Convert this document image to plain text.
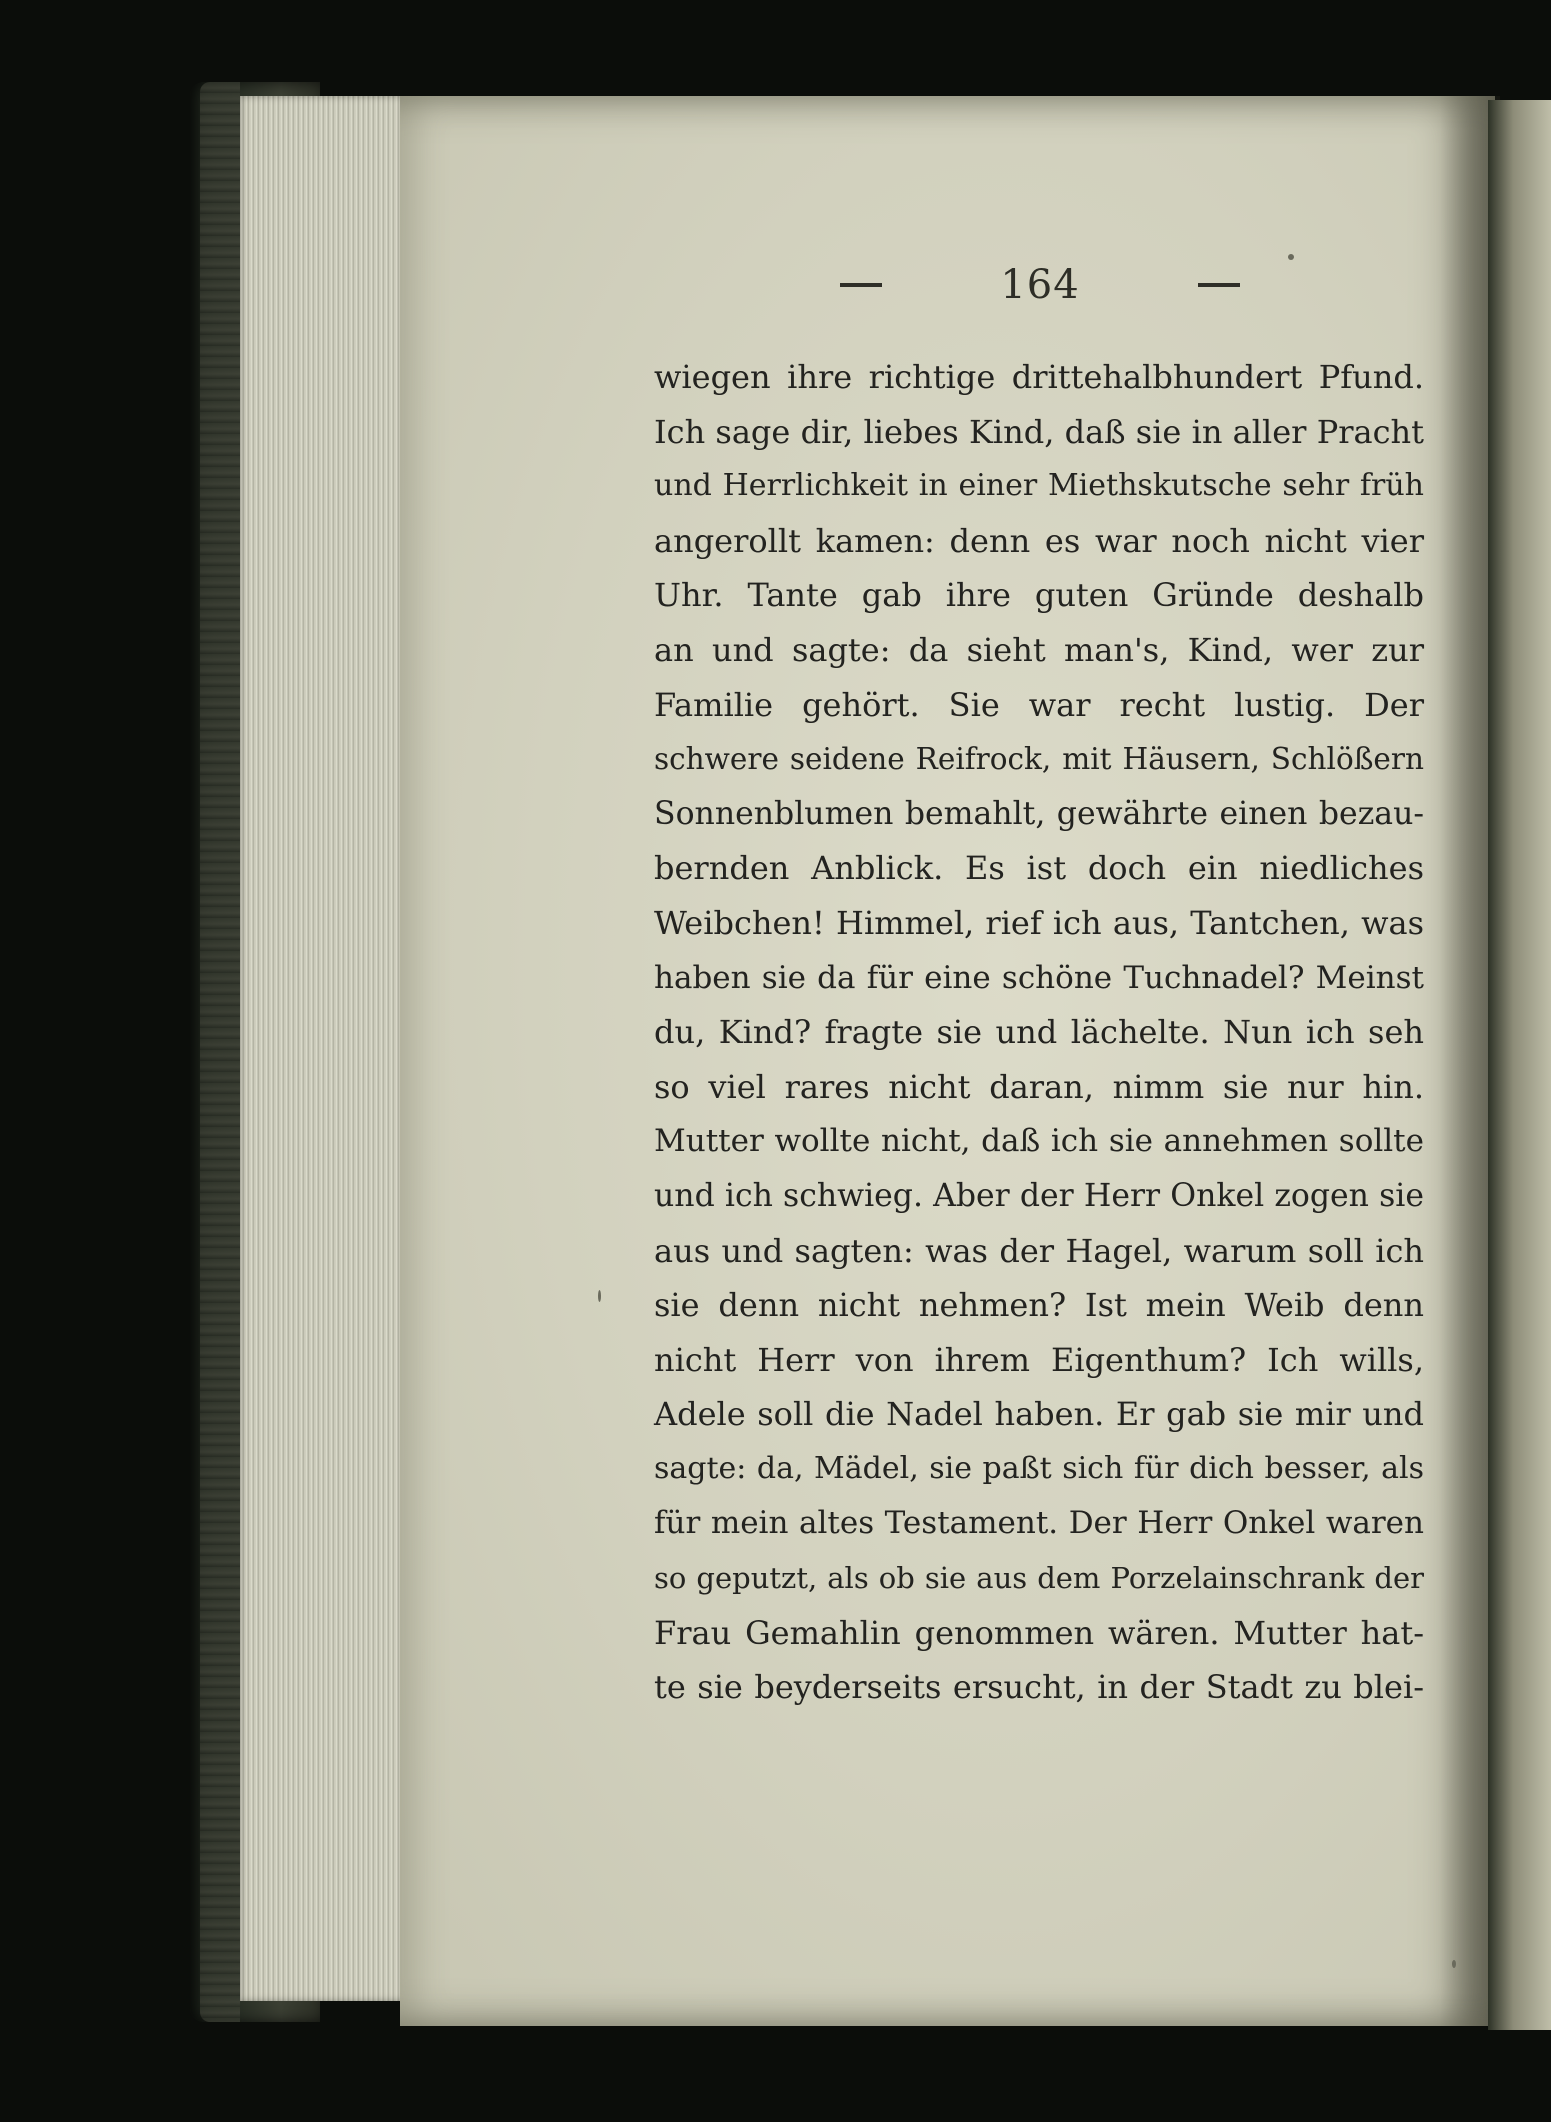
164
wiegen ihre richtige drittehalbhundert Pfund.
Ich sage dir, liebes Kind, daß sie in aller Pracht
und Herrlichkeit in einer Miethskutsche sehr früh
angerollt kamen: denn es war noch nicht vier
Uhr. Tante gab ihre guten Gründe deshalb
an und sagte: da sieht man's, Kind, wer zur
Familie gehört. Sie war recht lustig. Der
schwere seidene Reifrock, mit Häusern, Schlößern
Sonnenblumen bemahlt, gewährte einen bezau-
bernden Anblick. Es ist doch ein niedliches
Weibchen! Himmel, rief ich aus, Tantchen, was
haben sie da für eine schöne Tuchnadel? Meinst
du, Kind? fragte sie und lächelte. Nun ich seh
so viel rares nicht daran, nimm sie nur hin.
Mutter wollte nicht, daß ich sie annehmen sollte
und ich schwieg. Aber der Herr Onkel zogen sie
aus und sagten: was der Hagel, warum soll ich
sie denn nicht nehmen? Ist mein Weib denn
nicht Herr von ihrem Eigenthum? Ich wills,
Adele soll die Nadel haben. Er gab sie mir und
sagte: da, Mädel, sie paßt sich für dich besser, als
für mein altes Testament. Der Herr Onkel waren
so geputzt, als ob sie aus dem Porzelainschrank der
Frau Gemahlin genommen wären. Mutter hat-
te sie beyderseits ersucht, in der Stadt zu blei-
